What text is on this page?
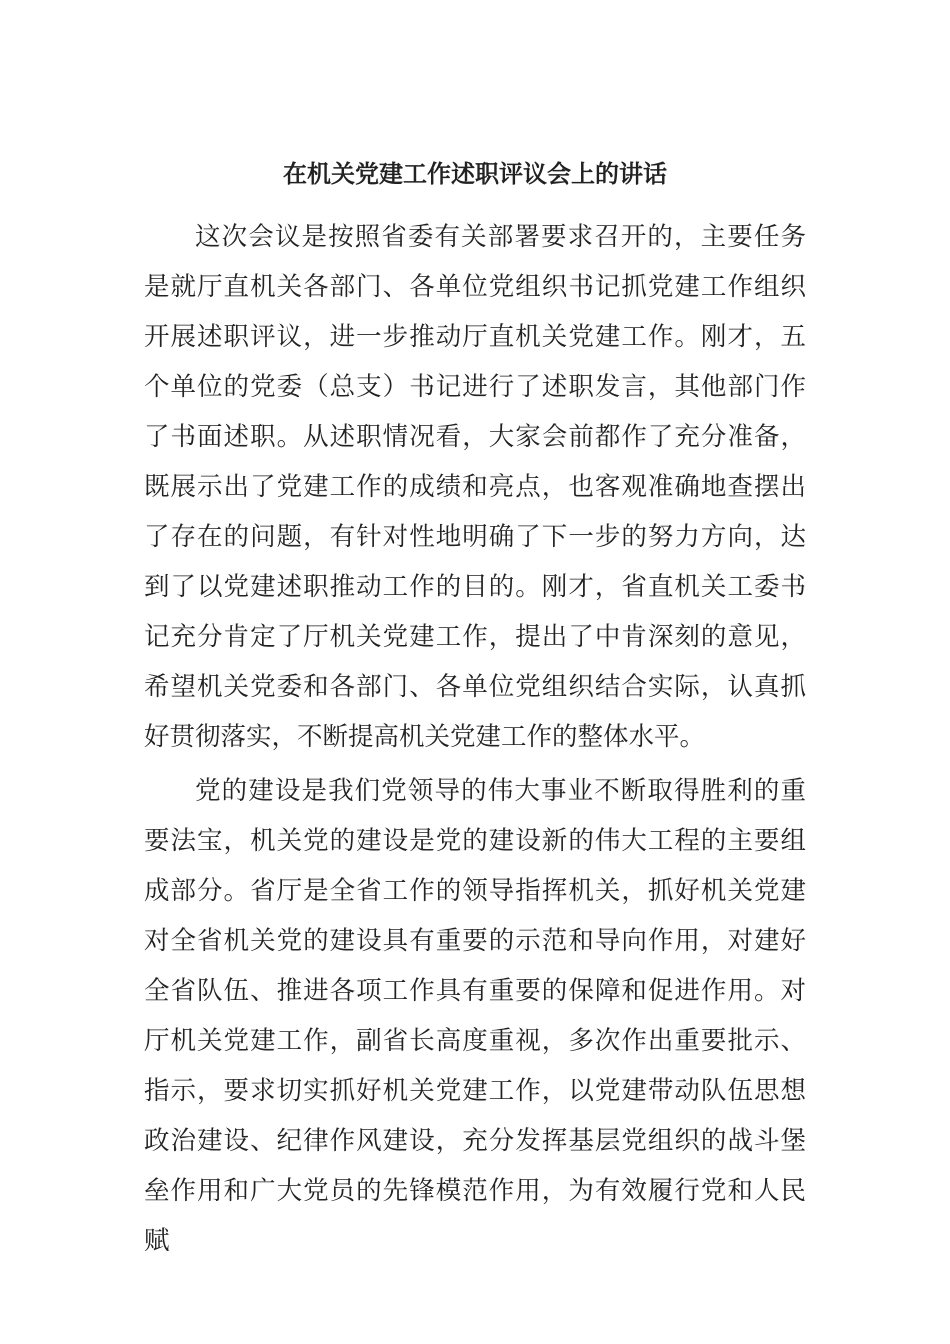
在机关党建工作述职评议会上的讲话

这次会议是按照省委有关部署要求召开的，主要任务是就厅直机关各部门、各单位党组织书记抓党建工作组织开展述职评议，进一步推动厅直机关党建工作。刚才，五个单位的党委（总支）书记进行了述职发言，其他部门作了书面述职。从述职情况看，大家会前都作了充分准备，既展示出了党建工作的成绩和亮点，也客观准确地查摆出了存在的问题，有针对性地明确了下一步的努力方向，达到了以党建述职推动工作的目的。刚才，省直机关工委书记充分肯定了厅机关党建工作，提出了中肯深刻的意见，希望机关党委和各部门、各单位党组织结合实际，认真抓好贯彻落实，不断提高机关党建工作的整体水平。

党的建设是我们党领导的伟大事业不断取得胜利的重要法宝，机关党的建设是党的建设新的伟大工程的主要组成部分。省厅是全省工作的领导指挥机关，抓好机关党建对全省机关党的建设具有重要的示范和导向作用，对建好全省队伍、推进各项工作具有重要的保障和促进作用。对厅机关党建工作，副省长高度重视，多次作出重要批示、指示，要求切实抓好机关党建工作，以党建带动队伍思想政治建设、纪律作风建设，充分发挥基层党组织的战斗堡垒作用和广大党员的先锋模范作用，为有效履行党和人民赋
